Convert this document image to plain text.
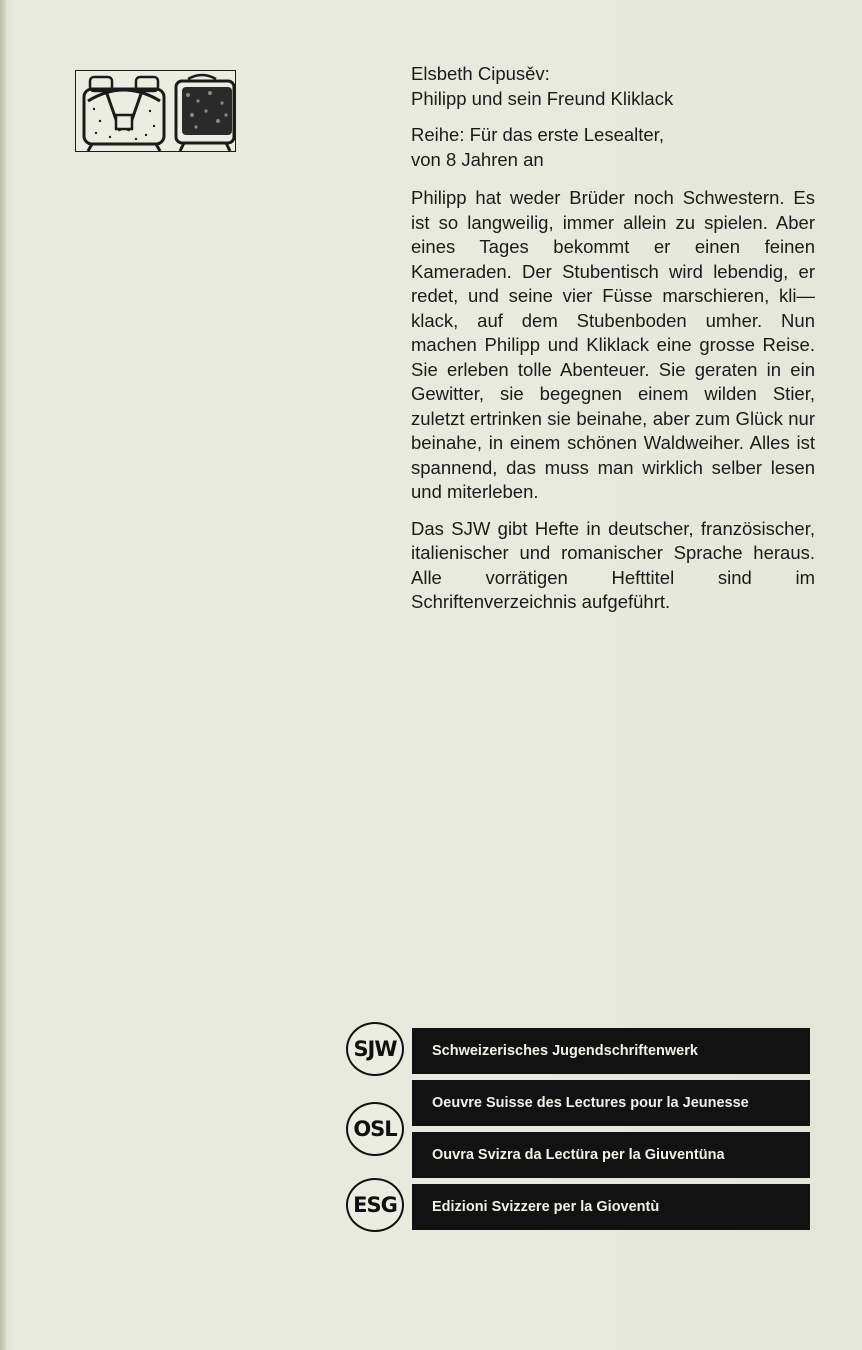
Elsbeth Cipusěv:

Philipp und sein Freund Kliklack

Reihe: Für das erste Lesealter,

von 8 Jahren an

Philipp hat weder Brüder noch Schwestern. Es ist so langweilig, immer allein zu spielen. Aber eines Tages bekommt er einen feinen Kameraden. Der Stubentisch wird lebendig, er redet, und seine vier Füsse marschieren, kli—klack, auf dem Stubenboden umher. Nun machen Philipp und Kliklack eine grosse Reise. Sie erleben tolle Abenteuer. Sie geraten in ein Gewitter, sie begegnen einem wilden Stier, zuletzt ertrinken sie beinahe, aber zum Glück nur beinahe, in einem schönen Waldweiher. Alles ist spannend, das muss man wirklich selber lesen und miterleben.

Das SJW gibt Hefte in deutscher, französischer, italienischer und romanischer Sprache heraus. Alle vorrätigen Hefttitel sind im Schriftenverzeichnis aufgeführt.

SJW	Schweizerisches Jugendschriftenwerk
Oeuvre Suisse des Lectures pour la Jeunesse
OSL
Ouvra Svizra da Lectüra per la Giuventüna
ESG	Edizioni Svizzere per la Gioventù
